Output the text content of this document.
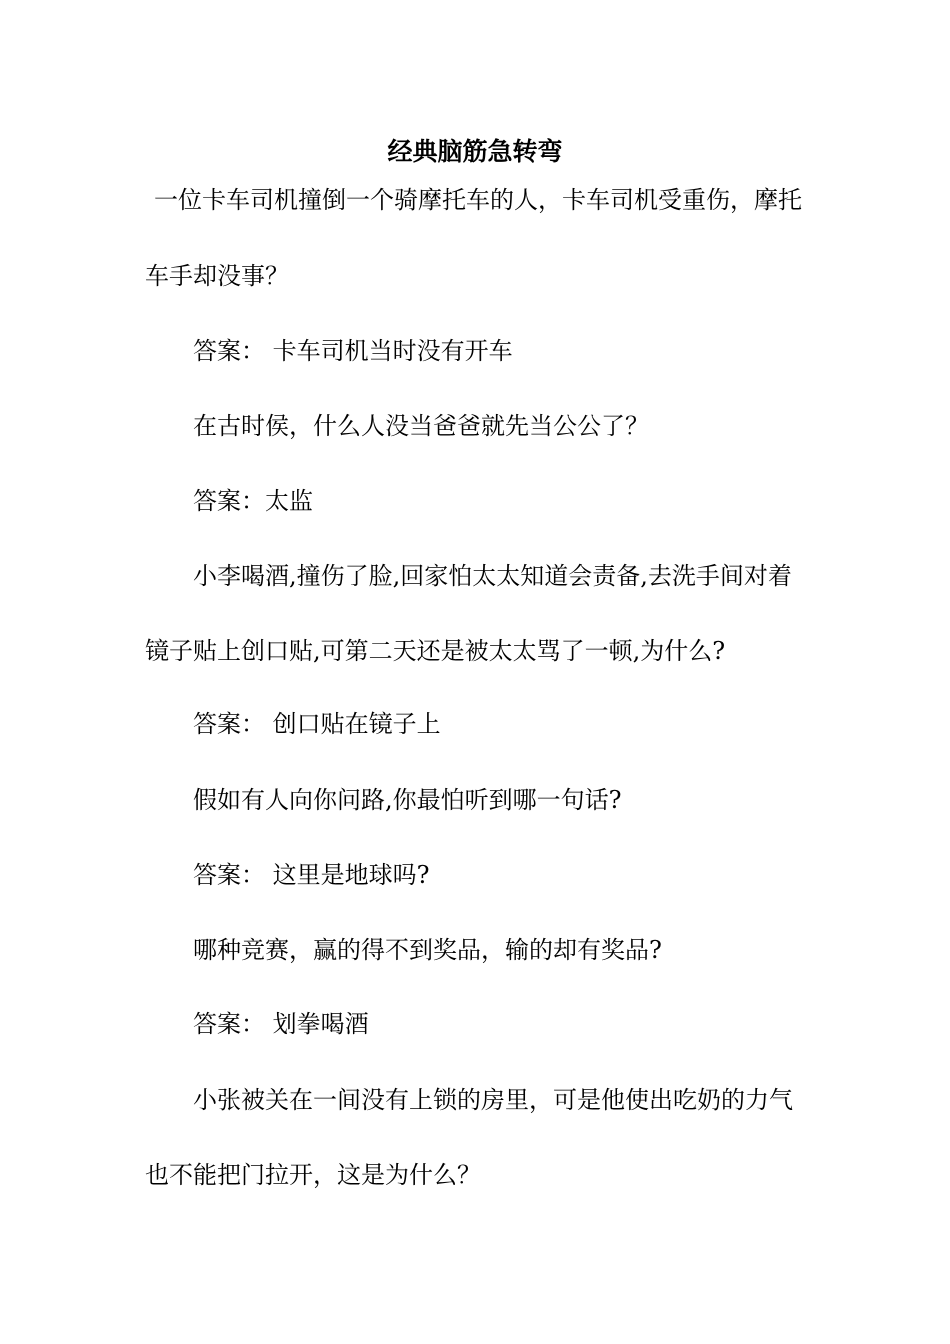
经典脑筋急转弯
一位卡车司机撞倒一个骑摩托车的人，卡车司机受重伤，摩托
车手却没事？
答案： 卡车司机当时没有开车
在古时侯，什么人没当爸爸就先当公公了？
答案：太监
小李喝酒,撞伤了脸,回家怕太太知道会责备,去洗手间对着
镜子贴上创口贴,可第二天还是被太太骂了一顿,为什么?
答案： 创口贴在镜子上
假如有人向你问路,你最怕听到哪一句话?
答案： 这里是地球吗?
哪种竞赛，赢的得不到奖品，输的却有奖品?
答案： 划拳喝酒
小张被关在一间没有上锁的房里，可是他使出吃奶的力气
也不能把门拉开，这是为什么？
